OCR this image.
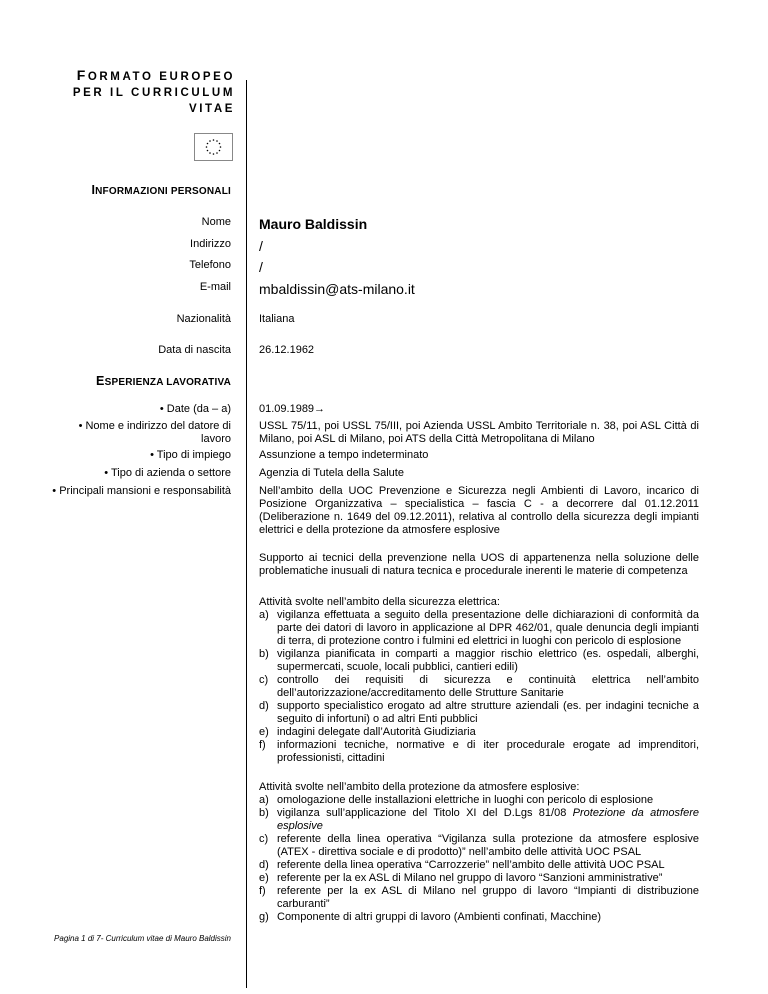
FORMATO EUROPEO
PER IL CURRICULUM
VITAE
INFORMAZIONI PERSONALI
Nome Mauro Baldissin
Indirizzo /
Telefono /
E-mail mbaldissin@ats-milano.it
Nazionalità	Italiana
Data di nascita	26.12.1962
ESPERIENZA LAVORATIVA
• Date (da – a)	01.09.1989→
• Nome e indirizzo del datore di lavoro
USSL 75/11, poi USSL 75/III, poi Azienda USSL Ambito Territoriale n. 38, poi ASL Città di Milano, poi ASL di Milano, poi ATS della Città Metropolitana di Milano
• Tipo di impiego	Assunzione a tempo indeterminato
• Tipo di azienda o settore	Agenzia di Tutela della Salute
• Principali mansioni e responsabilità	Nell’ambito della UOC Prevenzione e Sicurezza negli Ambienti di Lavoro, incarico di Posizione Organizzativa – specialistica – fascia C - a decorrere dal 01.12.2011 (Deliberazione n. 1649 del 09.12.2011), relativa al controllo della sicurezza degli impianti elettrici e della protezione da atmosfere esplosive
Supporto ai tecnici della prevenzione nella UOS di appartenenza nella soluzione delle problematiche inusuali di natura tecnica e procedurale inerenti le materie di competenza
Attività svolte nell’ambito della sicurezza elettrica:
a) vigilanza effettuata a seguito della presentazione delle dichiarazioni di conformità da parte dei datori di lavoro in applicazione al DPR 462/01, quale denuncia degli impianti di terra, di protezione contro i fulmini ed elettrici in luoghi con pericolo di esplosione
b) vigilanza pianificata in comparti a maggior rischio elettrico (es. ospedali, alberghi, supermercati, scuole, locali pubblici, cantieri edili)
c) controllo dei requisiti di sicurezza e continuità elettrica nell’ambito dell’autorizzazione/accreditamento delle Strutture Sanitarie
d) supporto specialistico erogato ad altre strutture aziendali (es. per indagini tecniche a seguito di infortuni) o ad altri Enti pubblici
e) indagini delegate dall’Autorità Giudiziaria
f) informazioni tecniche, normative e di iter procedurale erogate ad imprenditori, professionisti, cittadini
Attività svolte nell’ambito della protezione da atmosfere esplosive:
a) omologazione delle installazioni elettriche in luoghi con pericolo di esplosione
b) vigilanza sull’applicazione del Titolo XI del D.Lgs 81/08 Protezione da atmosfere esplosive
c) referente della linea operativa “Vigilanza sulla protezione da atmosfere esplosive (ATEX - direttiva sociale e di prodotto)” nell’ambito delle attività UOC PSAL
d) referente della linea operativa “Carrozzerie” nell’ambito delle attività UOC PSAL
e) referente per la ex ASL di Milano nel gruppo di lavoro “Sanzioni amministrative”
f) referente per la ex ASL di Milano nel gruppo di lavoro “Impianti di distribuzione carburanti”
g) Componente di altri gruppi di lavoro (Ambienti confinati, Macchine)
Pagina 1 di 7- Curriculum vitae di Mauro Baldissin
